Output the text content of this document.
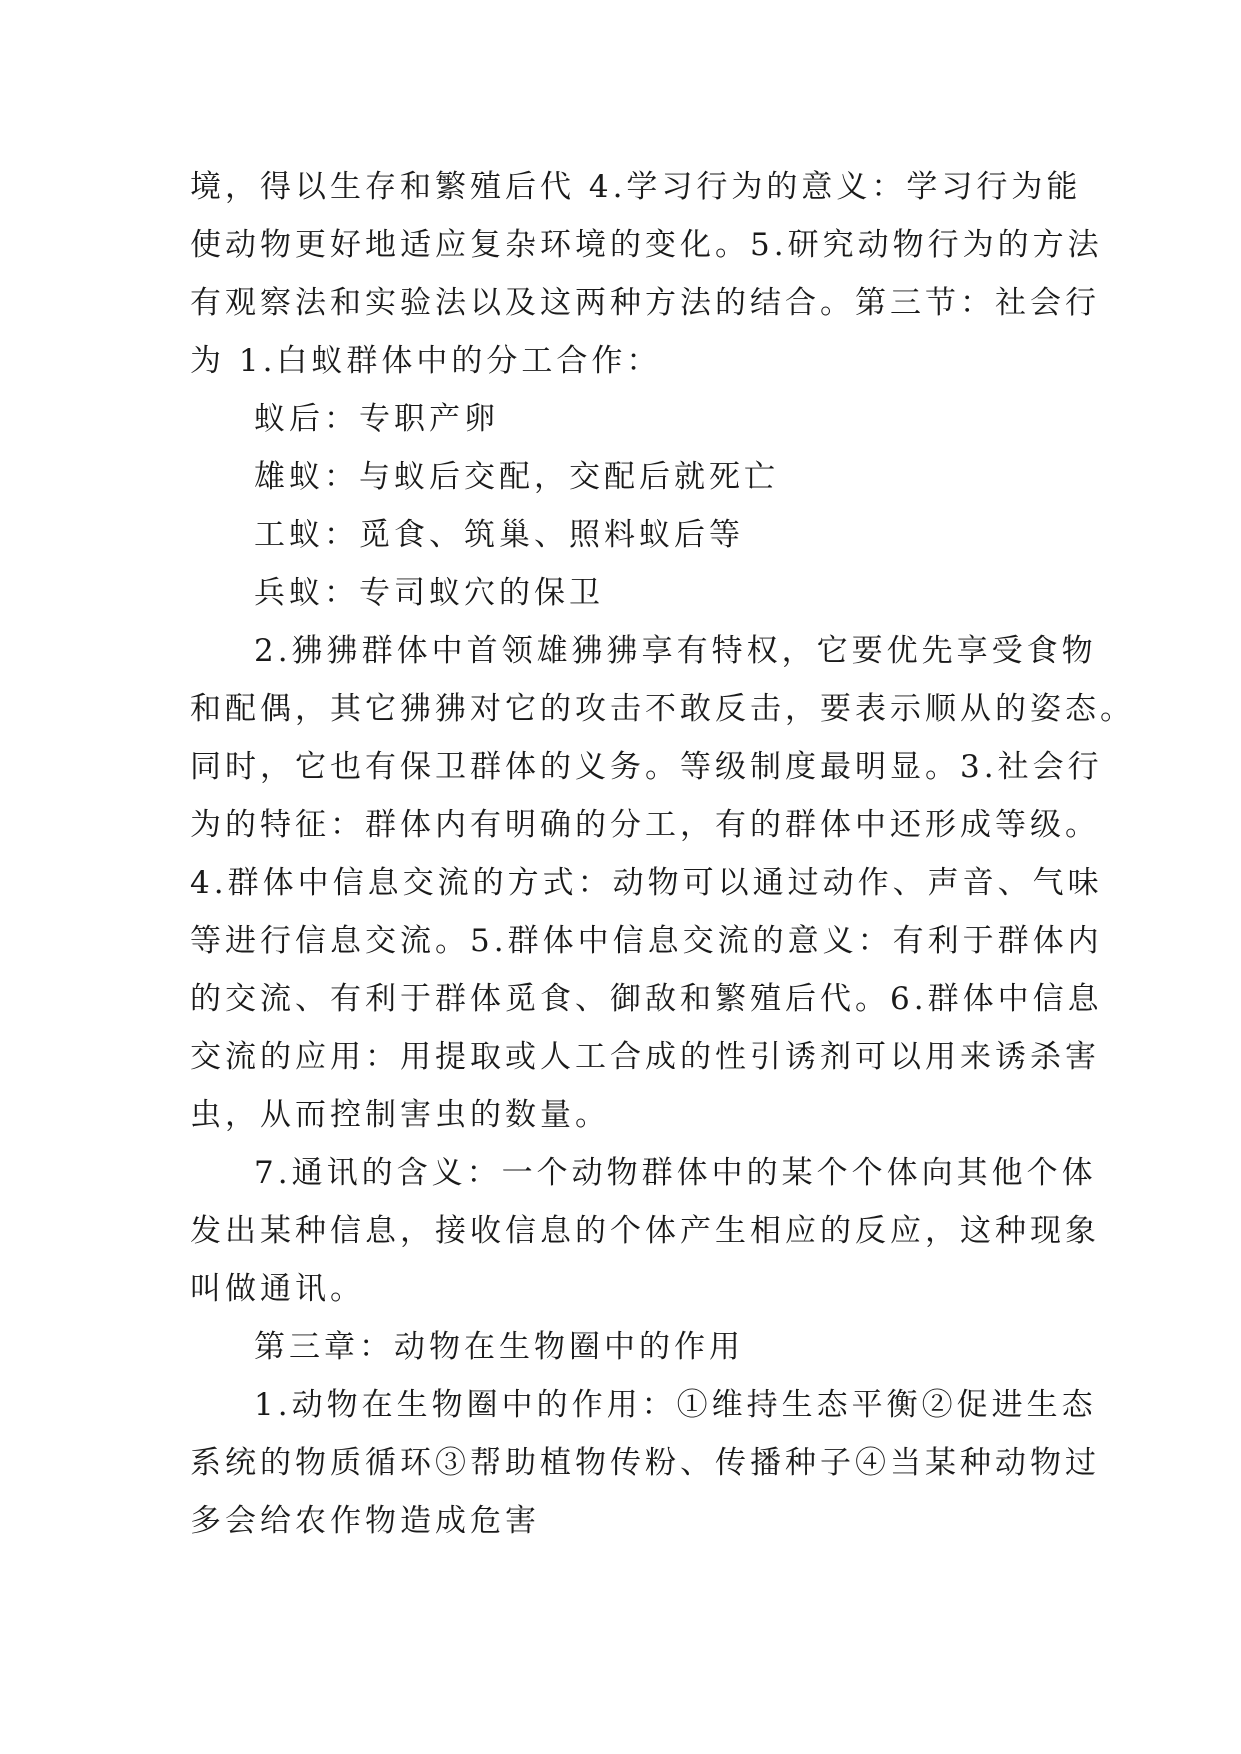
境，得以生存和繁殖后代 4.学习行为的意义：学习行为能
使动物更好地适应复杂环境的变化。5.研究动物行为的方法
有观察法和实验法以及这两种方法的结合。第三节：社会行
为 1.白蚁群体中的分工合作：
蚁后：专职产卵
雄蚁：与蚁后交配，交配后就死亡
工蚁：觅食、筑巢、照料蚁后等
兵蚁：专司蚁穴的保卫
2.狒狒群体中首领雄狒狒享有特权，它要优先享受食物
和配偶，其它狒狒对它的攻击不敢反击，要表示顺从的姿态。
同时，它也有保卫群体的义务。等级制度最明显。3.社会行
为的特征：群体内有明确的分工，有的群体中还形成等级。
4.群体中信息交流的方式：动物可以通过动作、声音、气味
等进行信息交流。5.群体中信息交流的意义：有利于群体内
的交流、有利于群体觅食、御敌和繁殖后代。6.群体中信息
交流的应用：用提取或人工合成的性引诱剂可以用来诱杀害
虫，从而控制害虫的数量。
7.通讯的含义：一个动物群体中的某个个体向其他个体
发出某种信息，接收信息的个体产生相应的反应，这种现象
叫做通讯。
第三章：动物在生物圈中的作用
1.动物在生物圈中的作用：①维持生态平衡②促进生态
系统的物质循环③帮助植物传粉、传播种子④当某种动物过
多会给农作物造成危害
